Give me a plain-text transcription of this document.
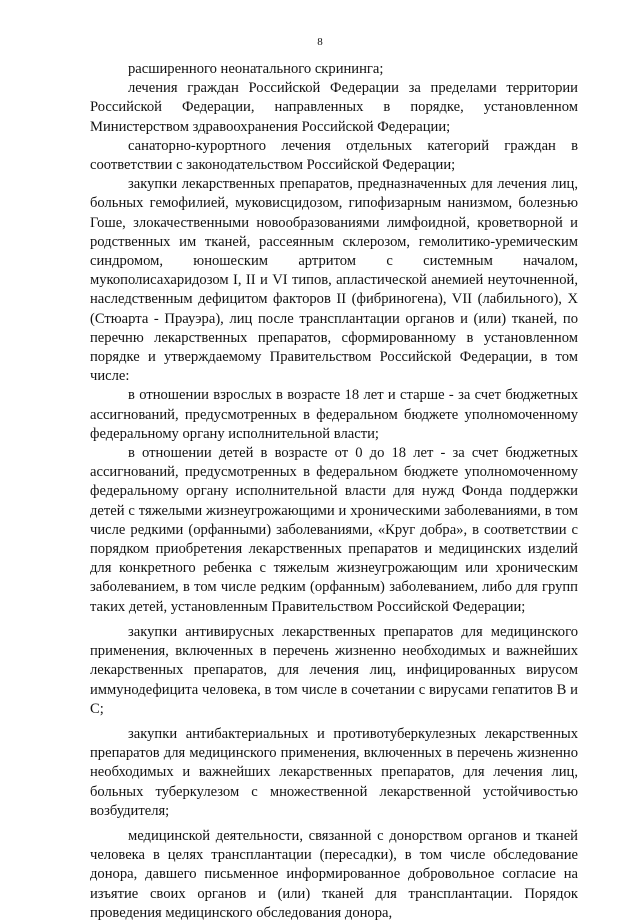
8

расширенного неонатального скрининга;

лечения граждан Российской Федерации за пределами территории Российской Федерации, направленных в порядке, установленном Министерством здравоохранения Российской Федерации;

санаторно-курортного лечения отдельных категорий граждан в соответствии с законодательством Российской Федерации;

закупки лекарственных препаратов, предназначенных для лечения лиц, больных гемофилией, муковисцидозом, гипофизарным нанизмом, болезнью Гоше, злокачественными новообразованиями лимфоидной, кроветворной и родственных им тканей, рассеянным склерозом, гемолитико-уремическим синдромом, юношеским артритом с системным началом, мукополисахаридозом I, II и VI типов, апластической анемией неуточненной, наследственным дефицитом факторов II (фибриногена), VII (лабильного), X (Стюарта - Прауэра), лиц после трансплантации органов и (или) тканей, по перечню лекарственных препаратов, сформированному в установленном порядке и утверждаемому Правительством Российской Федерации, в том числе:

в отношении взрослых в возрасте 18 лет и старше - за счет бюджетных ассигнований, предусмотренных в федеральном бюджете уполномоченному федеральному органу исполнительной власти;

в отношении детей в возрасте от 0 до 18 лет - за счет бюджетных ассигнований, предусмотренных в федеральном бюджете уполномоченному федеральному органу исполнительной власти для нужд Фонда поддержки детей с тяжелыми жизнеугрожающими и хроническими заболеваниями, в том числе редкими (орфанными) заболеваниями, «Круг добра», в соответствии с порядком приобретения лекарственных препаратов и медицинских изделий для конкретного ребенка с тяжелым жизнеугрожающим или хроническим заболеванием, в том числе редким (орфанным) заболеванием, либо для групп таких детей, установленным Правительством Российской Федерации;

закупки антивирусных лекарственных препаратов для медицинского применения, включенных в перечень жизненно необходимых и важнейших лекарственных препаратов, для лечения лиц, инфицированных вирусом иммунодефицита человека, в том числе в сочетании с вирусами гепатитов B и C;

закупки антибактериальных и противотуберкулезных лекарственных препаратов для медицинского применения, включенных в перечень жизненно необходимых и важнейших лекарственных препаратов, для лечения лиц, больных туберкулезом с множественной лекарственной устойчивостью возбудителя;

медицинской деятельности, связанной с донорством органов и тканей человека в целях трансплантации (пересадки), в том числе обследование донора, давшего письменное информированное добровольное согласие на изъятие своих органов и (или) тканей для трансплантации. Порядок проведения медицинского обследования донора,
